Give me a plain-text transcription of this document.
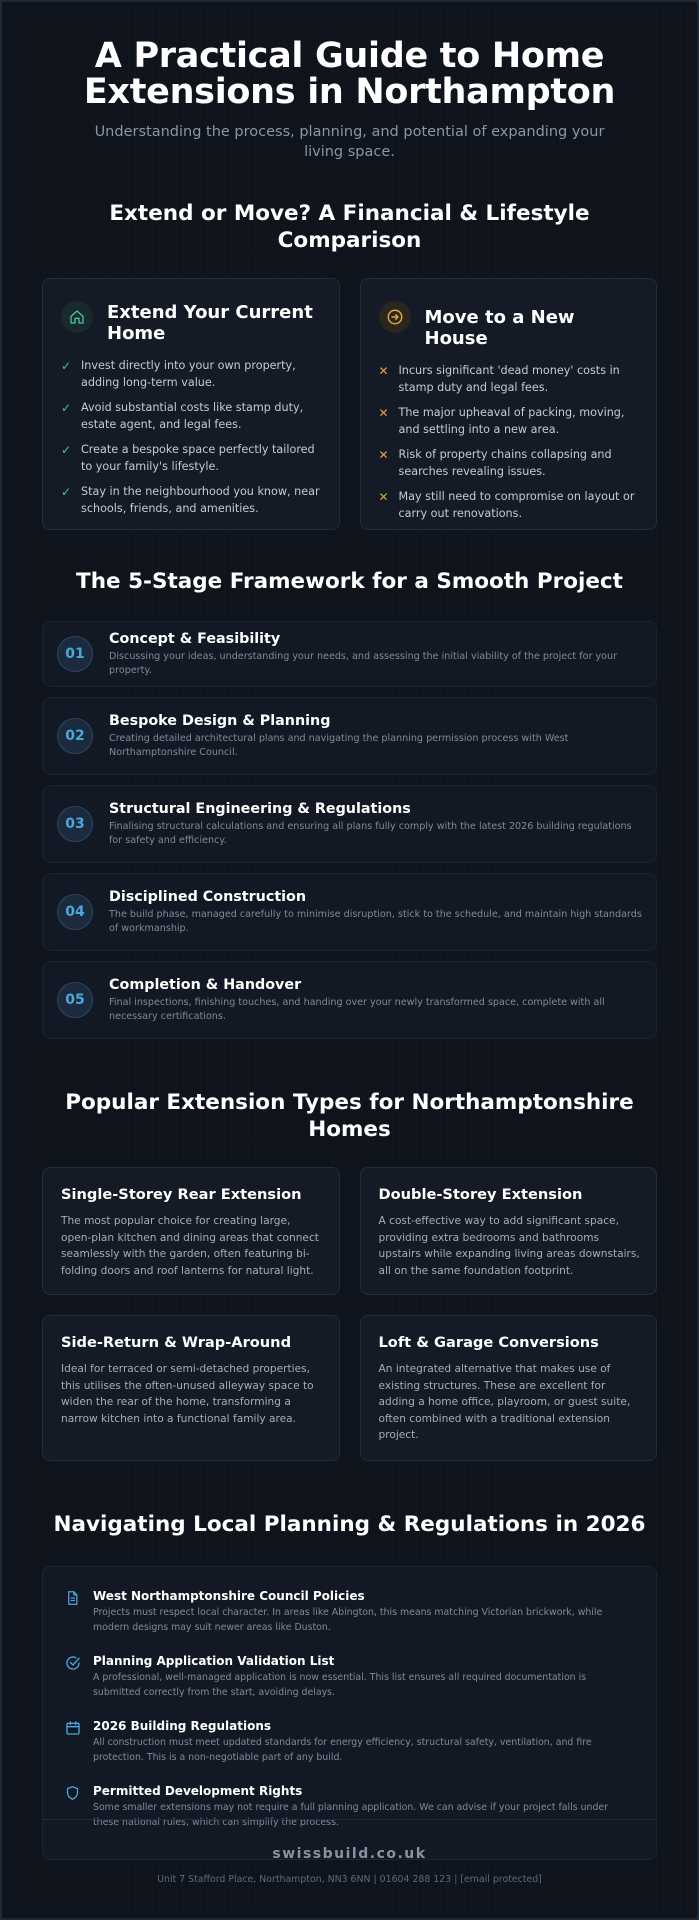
A Practical Guide to Home Extensions in Northampton

Understanding the process, planning, and potential of expanding your living space.

Extend or Move? A Financial & Lifestyle Comparison
Extend Your Current Home
✓ Invest directly into your own property, adding long-term value.
✓ Avoid substantial costs like stamp duty, estate agent, and legal fees.
✓ Create a bespoke space perfectly tailored to your family's lifestyle.
✓ Stay in the neighbourhood you know, near schools, friends, and amenities.
Move to a New House
✕ Incurs significant 'dead money' costs in stamp duty and legal fees.
✕ The major upheaval of packing, moving, and settling into a new area.
✕ Risk of property chains collapsing and searches revealing issues.
✕ May still need to compromise on layout or carry out renovations.
The 5-Stage Framework for a Smooth Project
01
Concept & Feasibility

Discussing your ideas, understanding your needs, and assessing the initial viability of the project for your property.

02
Bespoke Design & Planning

Creating detailed architectural plans and navigating the planning permission process with West Northamptonshire Council.

03
Structural Engineering & Regulations

Finalising structural calculations and ensuring all plans fully comply with the latest 2026 building regulations for safety and efficiency.

04
Disciplined Construction

The build phase, managed carefully to minimise disruption, stick to the schedule, and maintain high standards of workmanship.

05
Completion & Handover

Final inspections, finishing touches, and handing over your newly transformed space, complete with all necessary certifications.

Popular Extension Types for Northamptonshire Homes
Single-Storey Rear Extension

The most popular choice for creating large, open-plan kitchen and dining areas that connect seamlessly with the garden, often featuring bi-folding doors and roof lanterns for natural light.

Double-Storey Extension

A cost-effective way to add significant space, providing extra bedrooms and bathrooms upstairs while expanding living areas downstairs, all on the same foundation footprint.

Side-Return & Wrap-Around

Ideal for terraced or semi-detached properties, this utilises the often-unused alleyway space to widen the rear of the home, transforming a narrow kitchen into a functional family area.

Loft & Garage Conversions

An integrated alternative that makes use of existing structures. These are excellent for adding a home office, playroom, or guest suite, often combined with a traditional extension project.

Navigating Local Planning & Regulations in 2026
West Northamptonshire Council Policies

Projects must respect local character. In areas like Abington, this means matching Victorian brickwork, while modern designs may suit newer areas like Duston.

Planning Application Validation List

A professional, well-managed application is now essential. This list ensures all required documentation is submitted correctly from the start, avoiding delays.

2026 Building Regulations

All construction must meet updated standards for energy efficiency, structural safety, ventilation, and fire protection. This is a non-negotiable part of any build.

Permitted Development Rights

Some smaller extensions may not require a full planning application. We can advise if your project falls under these national rules, which can simplify the process.

swissbuild.co.uk
Unit 7 Stafford Place, Northampton, NN3 6NN | 01604 288 123 | [email protected]
